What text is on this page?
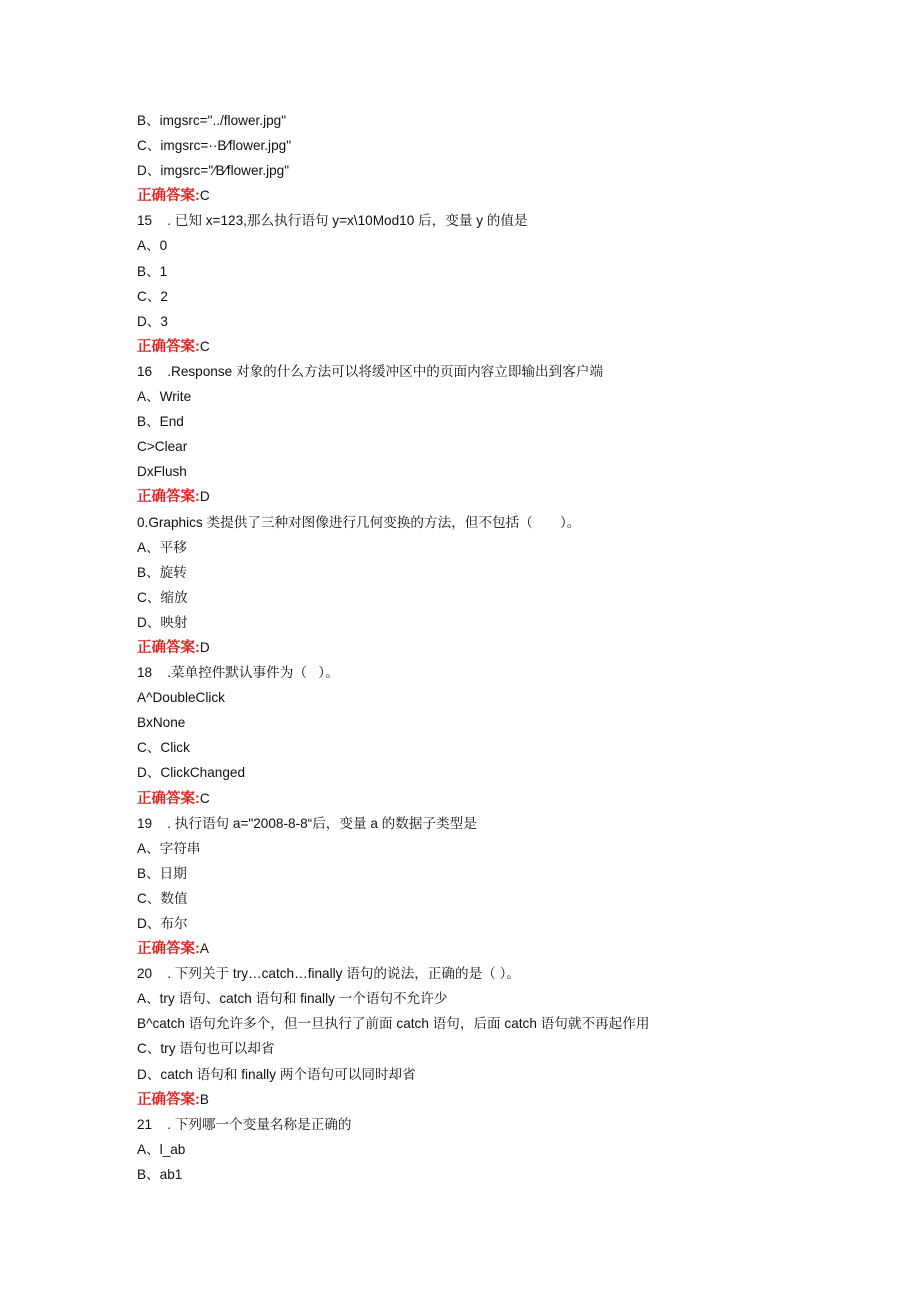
B、imgsrc="../flower.jpg"
C、imgsrc=··B∕flower.jpg"
D、imgsrc="∕B∕flower.jpg"
正确答案:C
15	. 已知 x=123,那么执行语句 y=x\10Mod10 后，变量 y 的值是
A、0
B、1
C、2
D、3
正确答案:C
16	.Response 对象的什么方法可以将缓冲区中的页面内容立即输出到客户端
A、Write
B、End
C>Clear
DxFlush
正确答案:D
0.Graphics 类提供了三种对图像进行几何变换的方法，但不包括（		）。
A、平移
B、旋转
C、缩放
D、映射
正确答案:D
18	.菜单控件默认事件为（	）。
A^DoubleClick
BxNone
C、Click
D、ClickChanged
正确答案:C
19	. 执行语句 a="2008-8-8“后，变量 a 的数据子类型是
A、字符串
B、日期
C、数值
D、布尔
正确答案:A
20	. 下列关于 try…catch…finally 语句的说法，正确的是（	）。
A、try 语句、catch 语句和 finally 一个语句不允许少
B^catch 语句允许多个，但一旦执行了前面 catch 语句，后面 catch 语句就不再起作用
C、try 语句也可以却省
D、catch 语句和 finally 两个语句可以同时却省
正确答案:B
21	. 下列哪一个变量名称是正确的
A、l_ab
B、ab1
